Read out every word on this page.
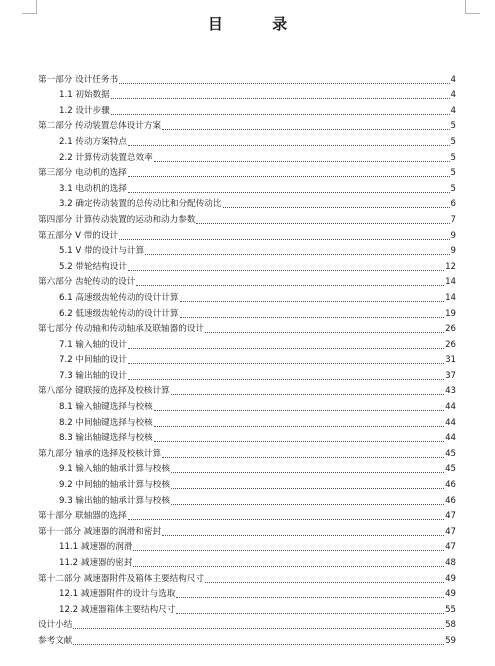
目 录
第一部分 设计任务书	4
1.1 初始数据	4
1.2 设计步骤	4
第二部分 传动装置总体设计方案	5
2.1 传动方案特点	5
2.2 计算传动装置总效率	5
第三部分 电动机的选择	5
3.1 电动机的选择	5
3.2 确定传动装置的总传动比和分配传动比	6
第四部分 计算传动装置的运动和动力参数	7
第五部分 V 带的设计	9
5.1 V 带的设计与计算	9
5.2 带轮结构设计	12
第六部分 齿轮传动的设计	14
6.1 高速级齿轮传动的设计计算	14
6.2 低速级齿轮传动的设计计算	19
第七部分 传动轴和传动轴承及联轴器的设计	26
7.1 输入轴的设计	26
7.2 中间轴的设计	31
7.3 输出轴的设计	37
第八部分 键联接的选择及校核计算	43
8.1 输入轴键选择与校核	44
8.2 中间轴键选择与校核	44
8.3 输出轴键选择与校核	44
第九部分 轴承的选择及校核计算	45
9.1 输入轴的轴承计算与校核	45
9.2 中间轴的轴承计算与校核	46
9.3 输出轴的轴承计算与校核	46
第十部分 联轴器的选择	47
第十一部分 减速器的润滑和密封	47
11.1 减速器的润滑	47
11.2 减速器的密封	48
第十二部分 减速器附件及箱体主要结构尺寸	49
12.1 减速器附件的设计与选取	49
12.2 减速器箱体主要结构尺寸	55
设计小结	58
参考文献	59
